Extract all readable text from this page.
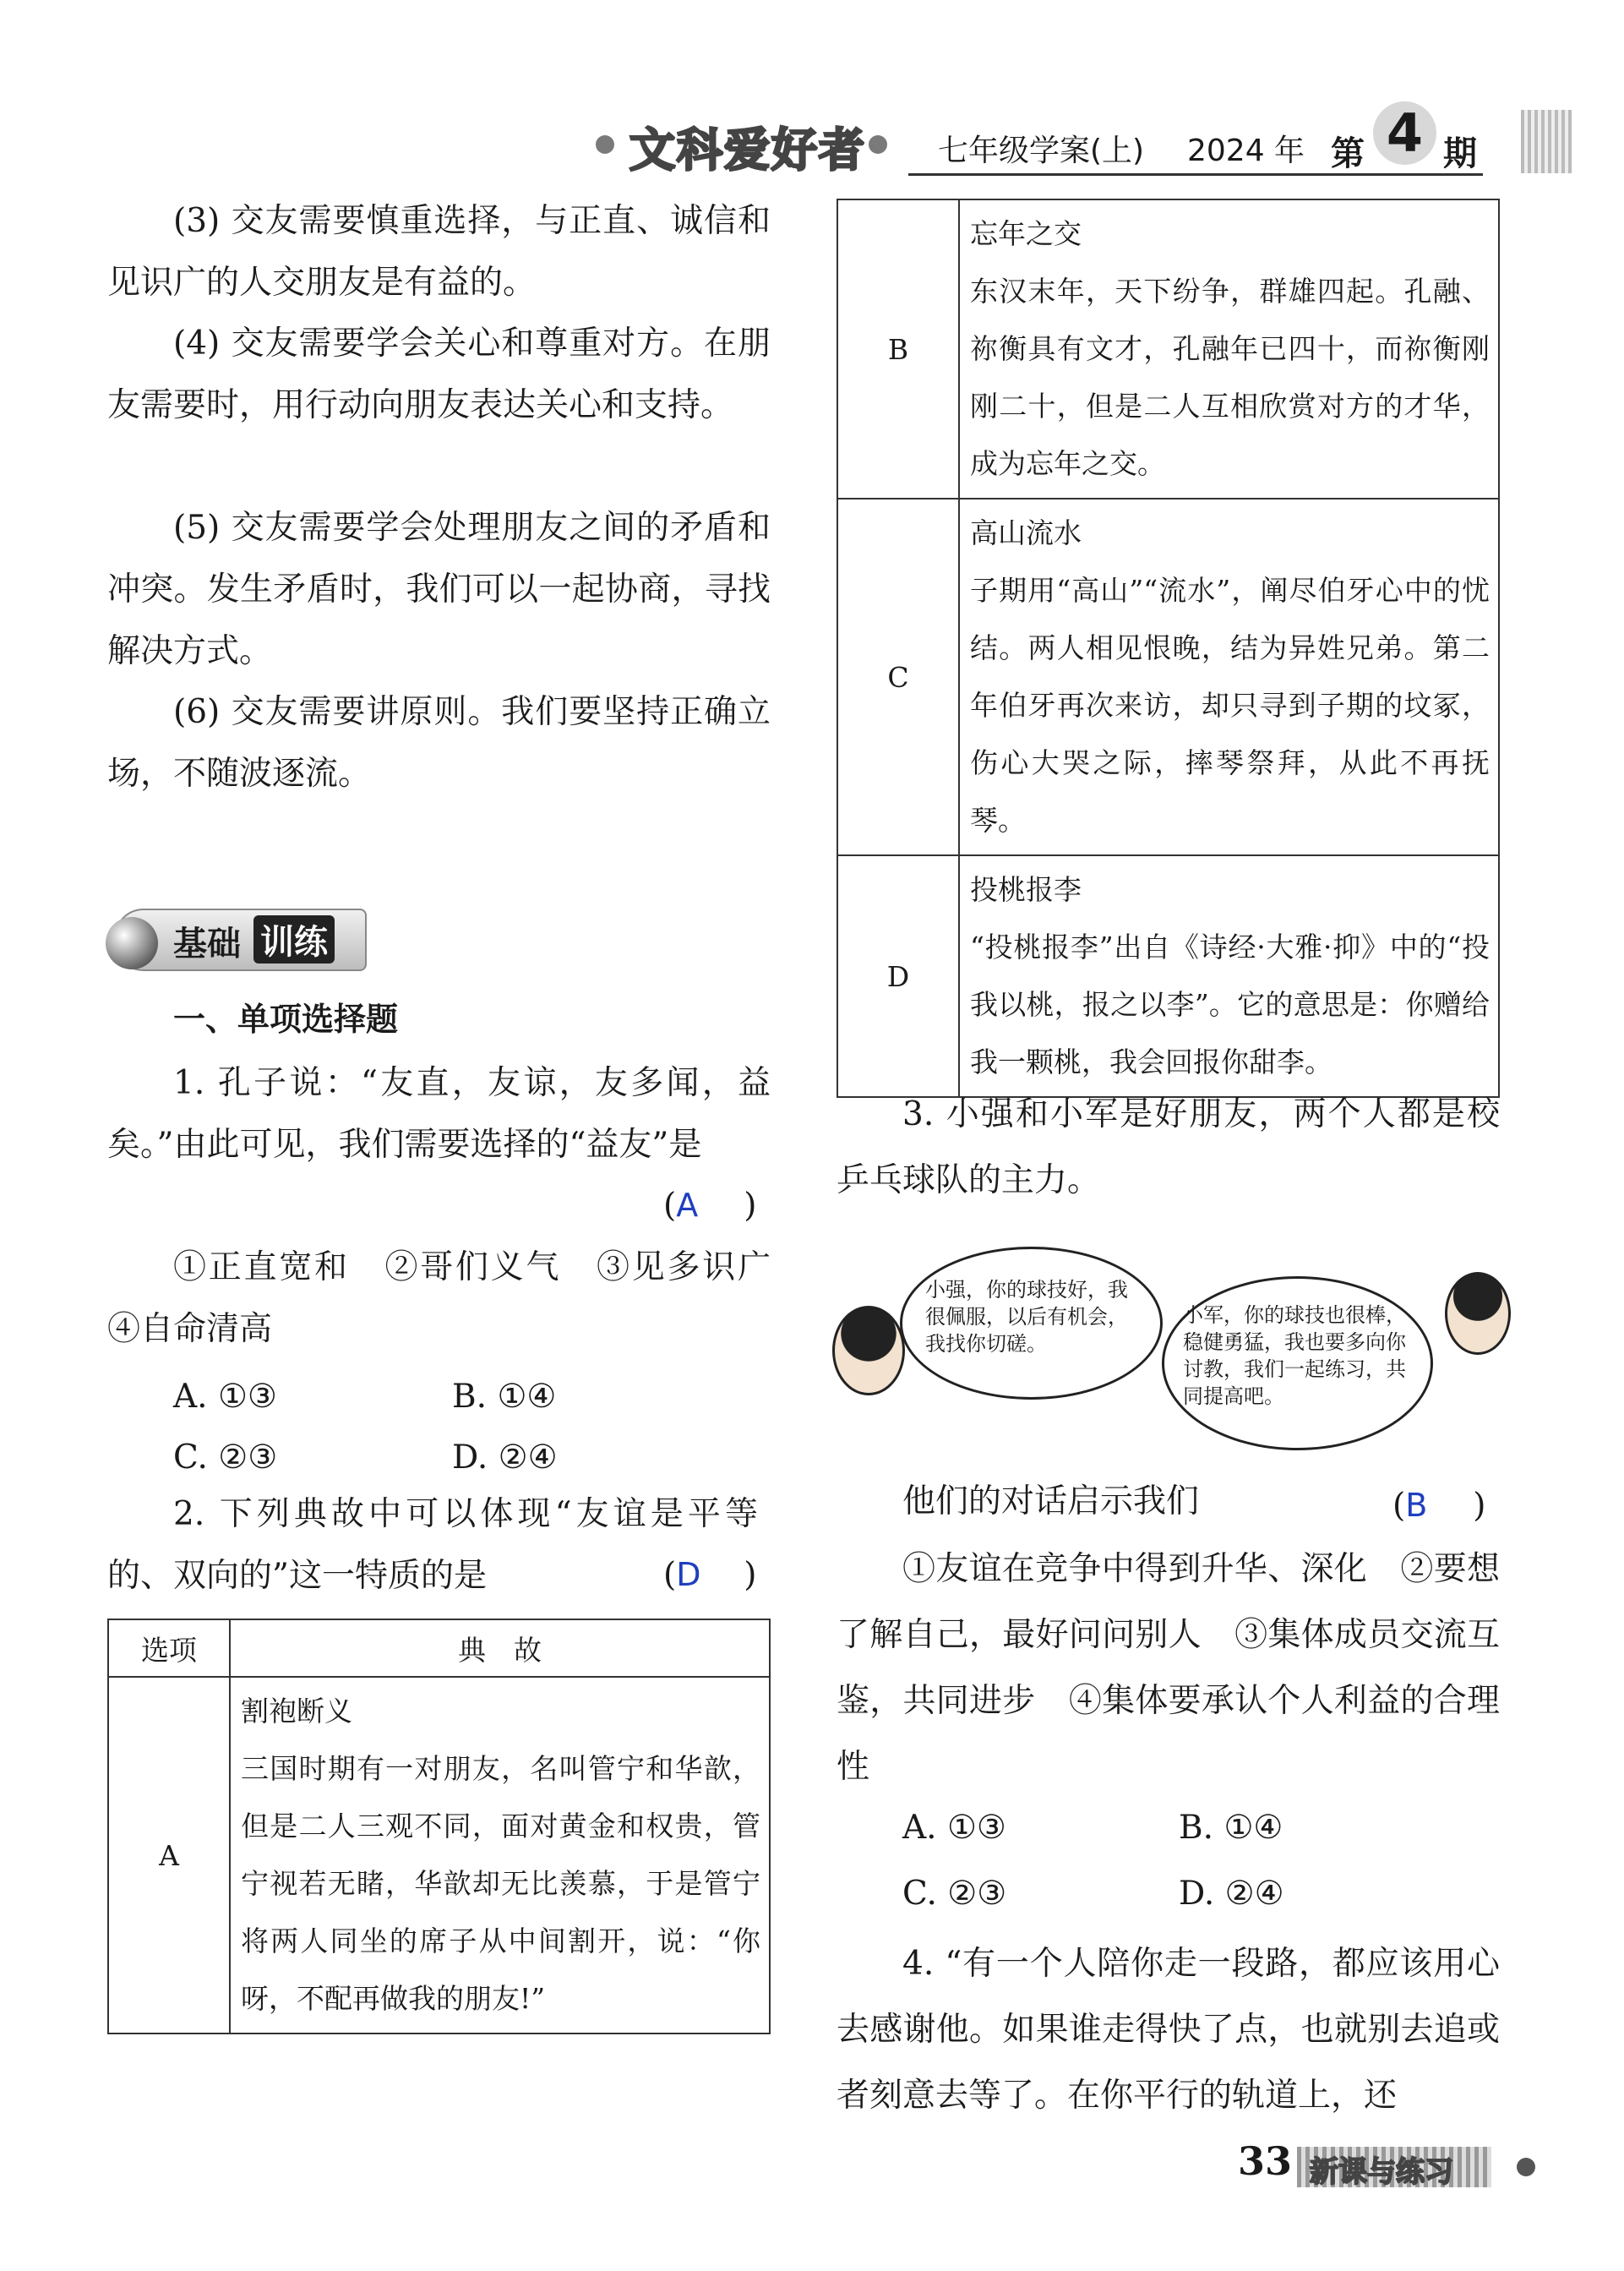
文科爱好者 七年级学案(上) 2024 年 第 4 期
(3) 交友需要慎重选择，与正直、诚信和见识广的人交朋友是有益的。
(4) 交友需要学会关心和尊重对方。在朋友需要时，用行动向朋友表达关心和支持。
(5) 交友需要学会处理朋友之间的矛盾和冲突。发生矛盾时，我们可以一起协商，寻找解决方式。
(6) 交友需要讲原则。我们要坚持正确立场，不随波逐流。
基础 训练
一、单项选择题
1. 孔子说：“友直，友谅，友多闻，益矣。”由此可见，我们需要选择的“益友”是
(A )
①正直宽和　②哥们义气　③见多识广　④自命清高
A. ①③	B. ①④
C. ②③	D. ②④
2. 下列典故中可以体现“友谊是平等的、双向的”这一特质的是	(D )
选项	典　故
A	割袍断义
三国时期有一对朋友，名叫管宁和华歆，但是二人三观不同，面对黄金和权贵，管宁视若无睹，华歆却无比羡慕，于是管宁将两人同坐的席子从中间割开，说：“你呀，不配再做我的朋友!”
B	忘年之交
东汉末年，天下纷争，群雄四起。孔融、祢衡具有文才，孔融年已四十，而祢衡刚刚二十，但是二人互相欣赏对方的才华，成为忘年之交。
C	高山流水
子期用“高山”“流水”，阐尽伯牙心中的忧结。两人相见恨晚，结为异姓兄弟。第二年伯牙再次来访，却只寻到子期的坟冢，伤心大哭之际，摔琴祭拜，从此不再抚琴。
D	投桃报李
“投桃报李”出自《诗经·大雅·抑》中的“投我以桃，报之以李”。它的意思是：你赠给我一颗桃，我会回报你甜李。
3. 小强和小军是好朋友，两个人都是校乒乓球队的主力。
小强，你的球技好，我很佩服，以后有机会，我找你切磋。
小军，你的球技也很棒，稳健勇猛，我也要多向你讨教，我们一起练习，共同提高吧。
他们的对话启示我们	(B )
①友谊在竞争中得到升华、深化　②要想了解自己，最好问问别人　③集体成员交流互鉴，共同进步　④集体要承认个人利益的合理性
A. ①③	B. ①④
C. ②③	D. ②④
4. “有一个人陪你走一段路，都应该用心去感谢他。如果谁走得快了点，也就别去追或者刻意去等了。在你平行的轨道上，还
33 新课与练习
